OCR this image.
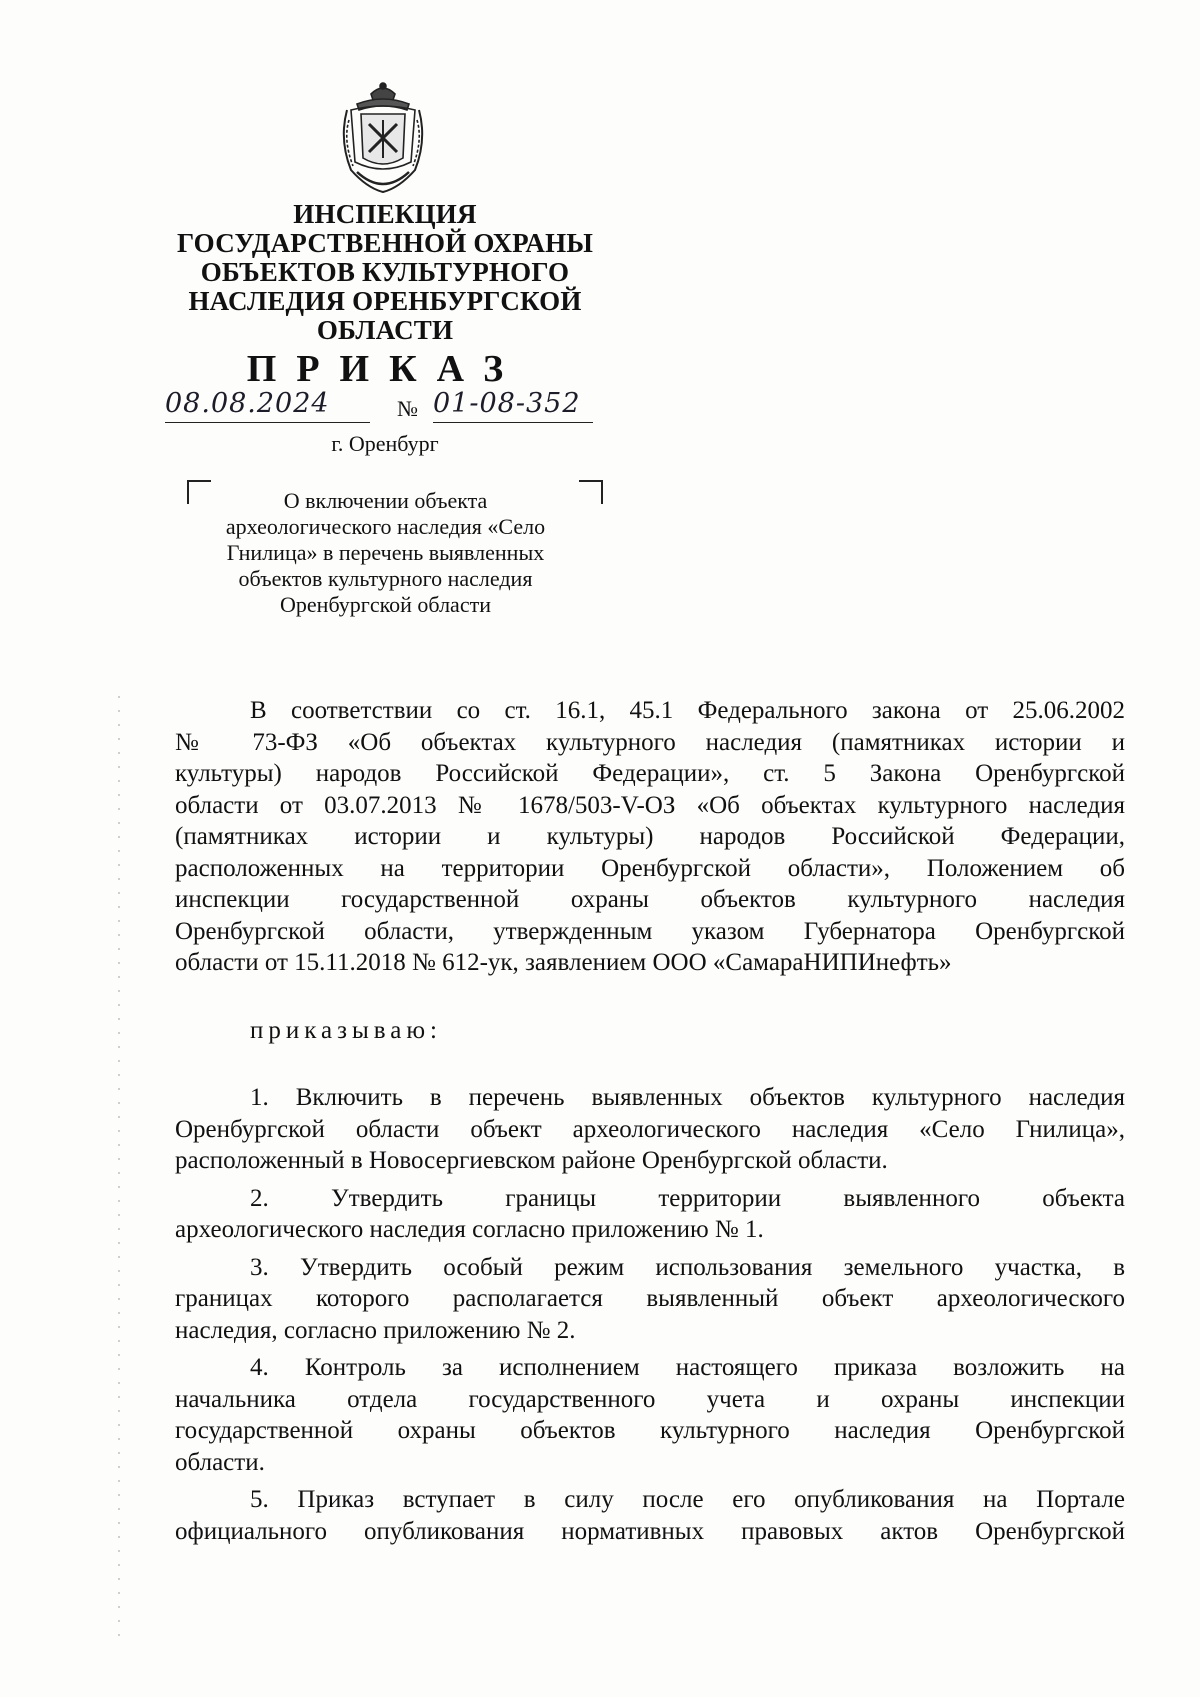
ИНСПЕКЦИЯ
ГОСУДАРСТВЕННОЙ ОХРАНЫ
ОБЪЕКТОВ КУЛЬТУРНОГО
НАСЛЕДИЯ ОРЕНБУРГСКОЙ
ОБЛАСТИ
ПРИКАЗ
08.08.2024	№ 01-08-352
г. Оренбург
О включении объекта
археологического наследия «Село
Гнилица» в перечень выявленных
объектов культурного наследия
Оренбургской области
В соответствии со ст. 16.1, 45.1 Федерального закона от 25.06.2002
№ 73-ФЗ «Об объектах культурного наследия (памятниках истории и
культуры) народов Российской Федерации», ст. 5 Закона Оренбургской
области от 03.07.2013 № 1678/503-V-ОЗ «Об объектах культурного наследия
(памятниках истории и культуры) народов Российской Федерации,
расположенных на территории Оренбургской области», Положением об
инспекции государственной охраны объектов культурного наследия
Оренбургской области, утвержденным указом Губернатора Оренбургской
области от 15.11.2018 № 612-ук, заявлением ООО «СамараНИПИнефть»
приказываю:
1. Включить в перечень выявленных объектов культурного наследия
Оренбургской области объект археологического наследия «Село Гнилица»,
расположенный в Новосергиевском районе Оренбургской области.
2. Утвердить границы территории выявленного объекта
археологического наследия согласно приложению № 1.
3. Утвердить особый режим использования земельного участка, в
границах которого располагается выявленный объект археологического
наследия, согласно приложению № 2.
4. Контроль за исполнением настоящего приказа возложить на
начальника отдела государственного учета и охраны инспекции
государственной охраны объектов культурного наследия Оренбургской
области.
5. Приказ вступает в силу после его опубликования на Портале
официального опубликования нормативных правовых актов Оренбургской
